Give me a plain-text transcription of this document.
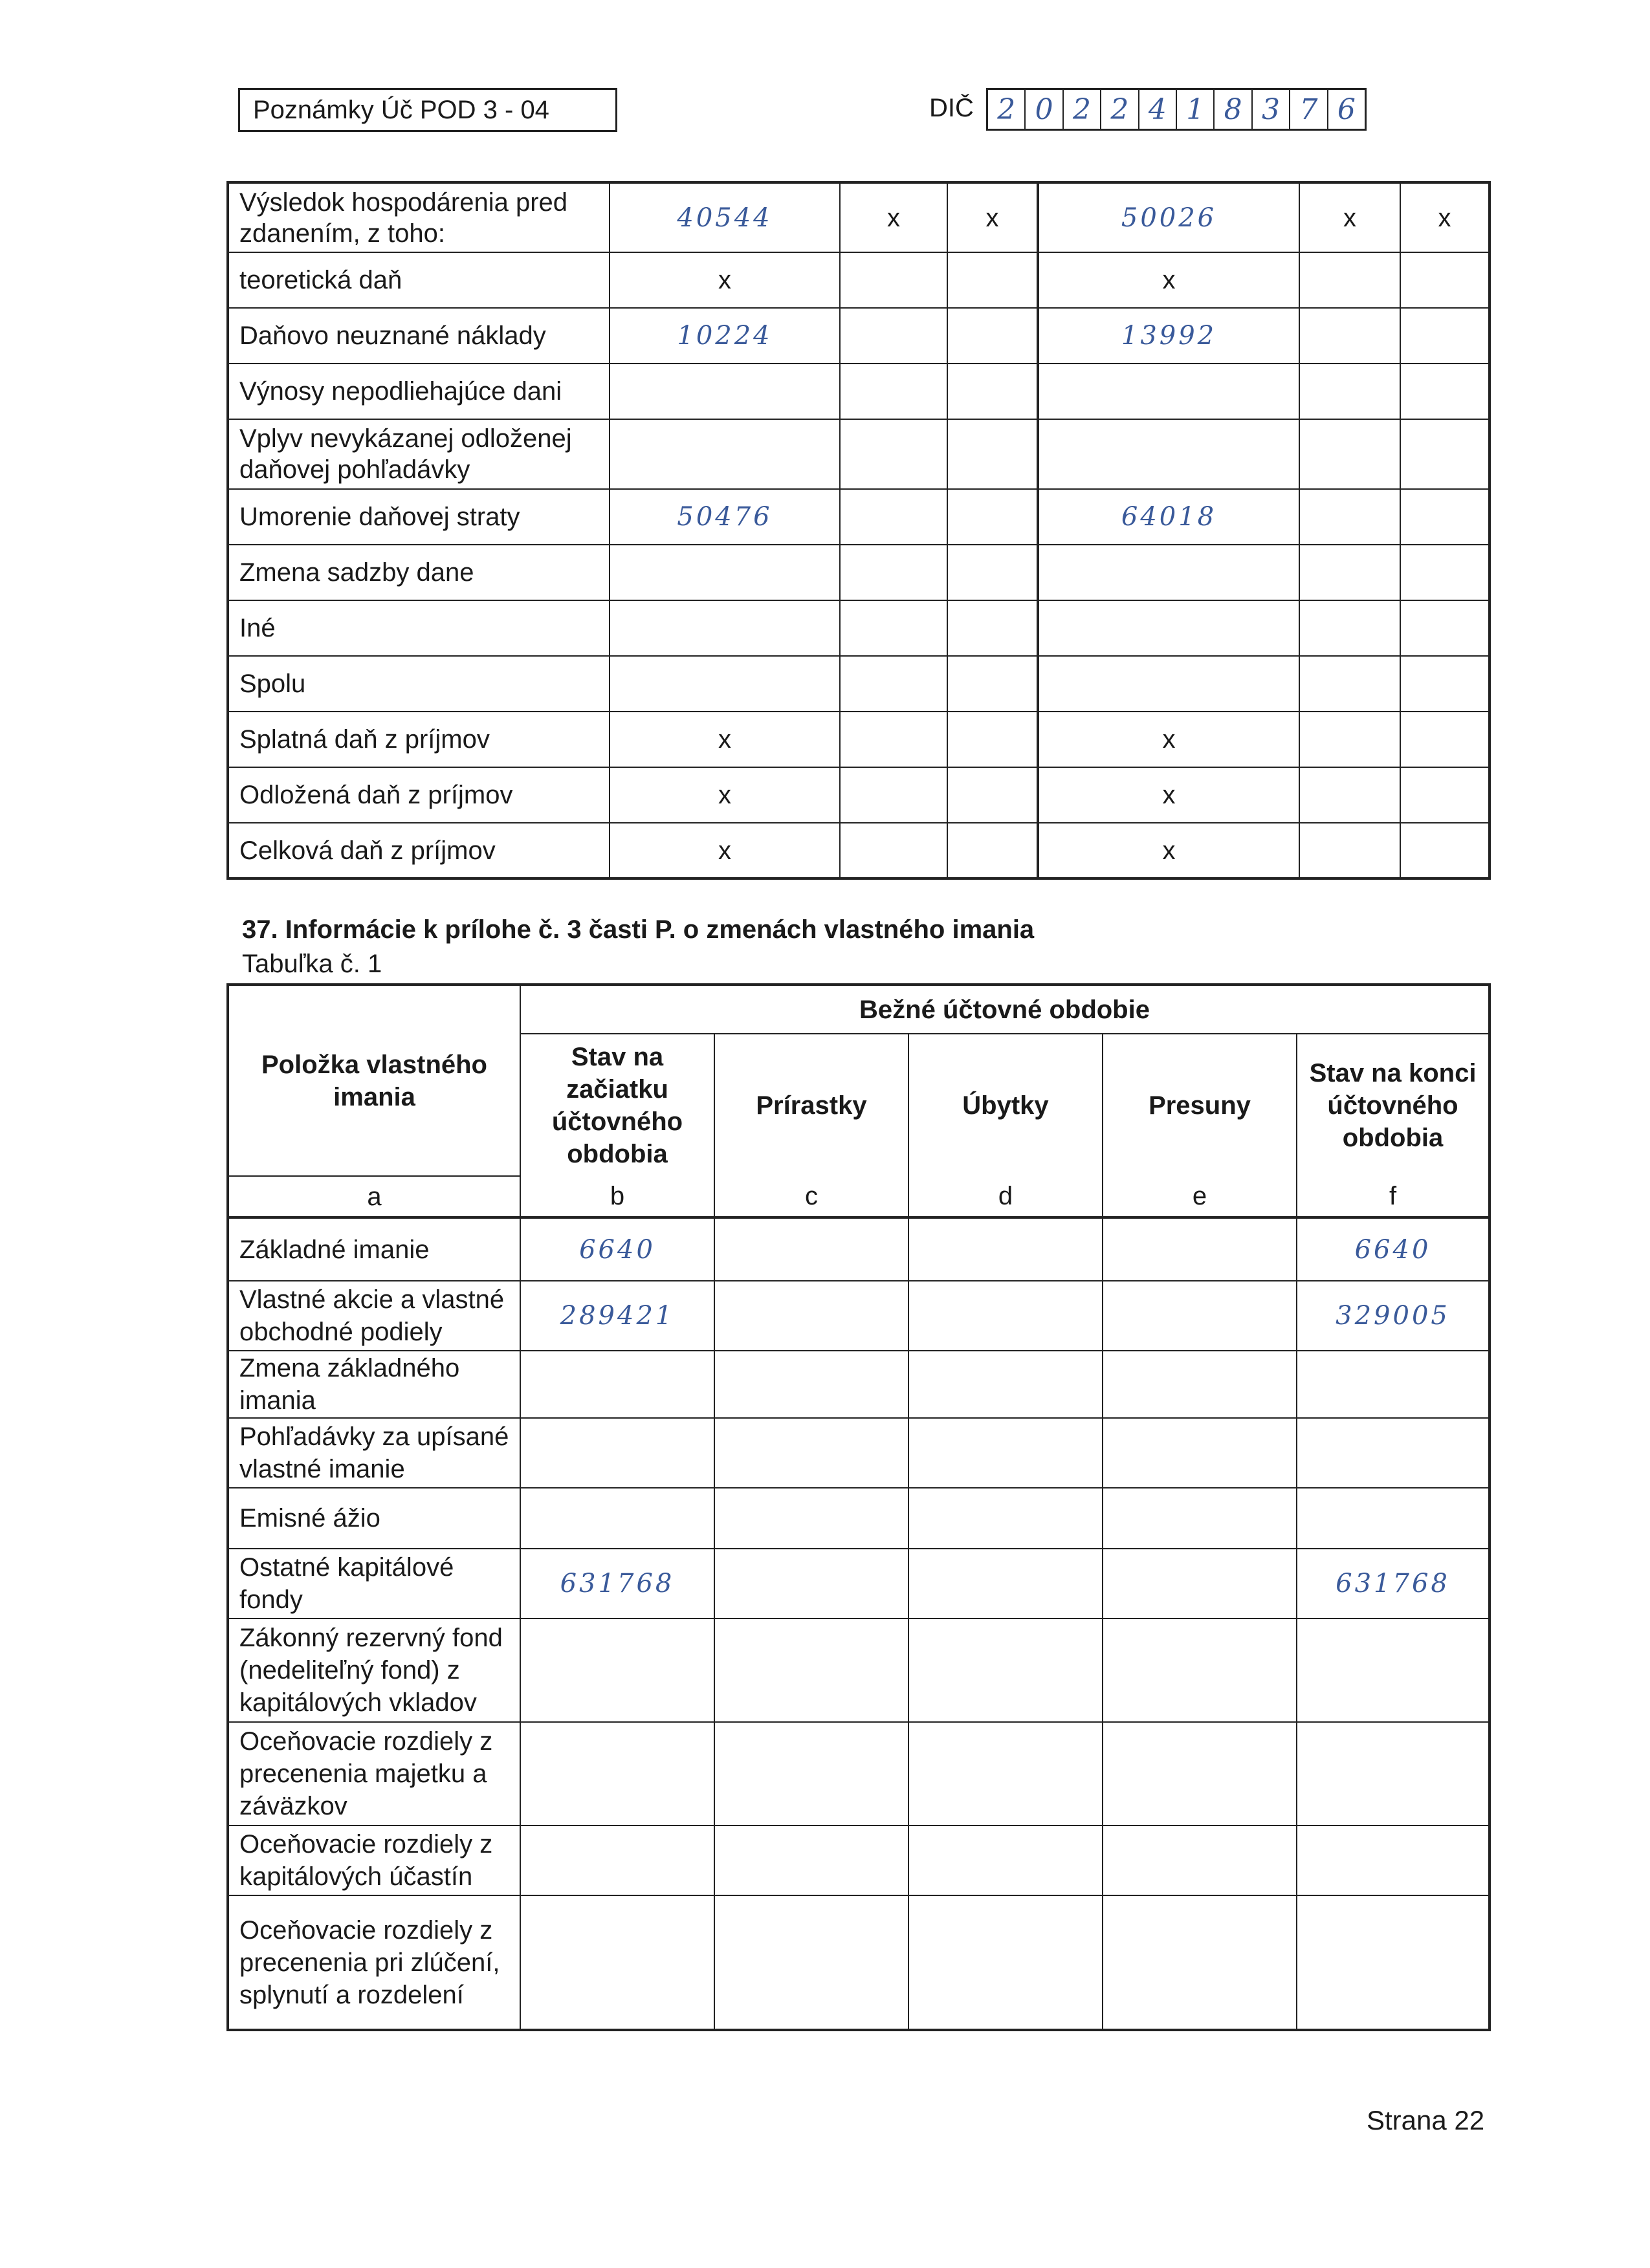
Poznámky Úč POD 3 - 04	DIČ 2 0 2 2 4 1 8 3 7 6
Výsledok hospodárenia pred zdanením, z toho:	40544	x	x	50026	x	x
teoretická daň	x			x		
Daňovo neuznané náklady	10224			13992		
Výnosy nepodliehajúce dani						
Vplyv nevykázanej odloženej daňovej pohľadávky						
Umorenie daňovej straty	50476			64018		
Zmena sadzby dane						
Iné						
Spolu						
Splatná daň z príjmov	x			x		
Odložená daň z príjmov	x			x		
Celková daň z príjmov	x			x		
37. Informácie k prílohe č. 3 časti P. o zmenách vlastného imania
Tabuľka č. 1
Položka vlastného imania	Bežné účtovné obdobie				
	Stav na začiatku účtovného obdobia	Prírastky	Úbytky	Presuny	Stav na konci účtovného obdobia
a	b	c	d	e	f
Základné imanie	6640				6640
Vlastné akcie a vlastné obchodné podiely	289421				329005
Zmena základného imania					
Pohľadávky za upísané vlastné imanie					
Emisné ážio					
Ostatné kapitálové fondy	631768				631768
Zákonný rezervný fond (nedeliteľný fond) z kapitálových vkladov					
Oceňovacie rozdiely z precenenia majetku a záväzkov					
Oceňovacie rozdiely z kapitálových účastín					
Oceňovacie rozdiely z precenenia pri zlúčení, splynutí a rozdelení					
Strana 22
